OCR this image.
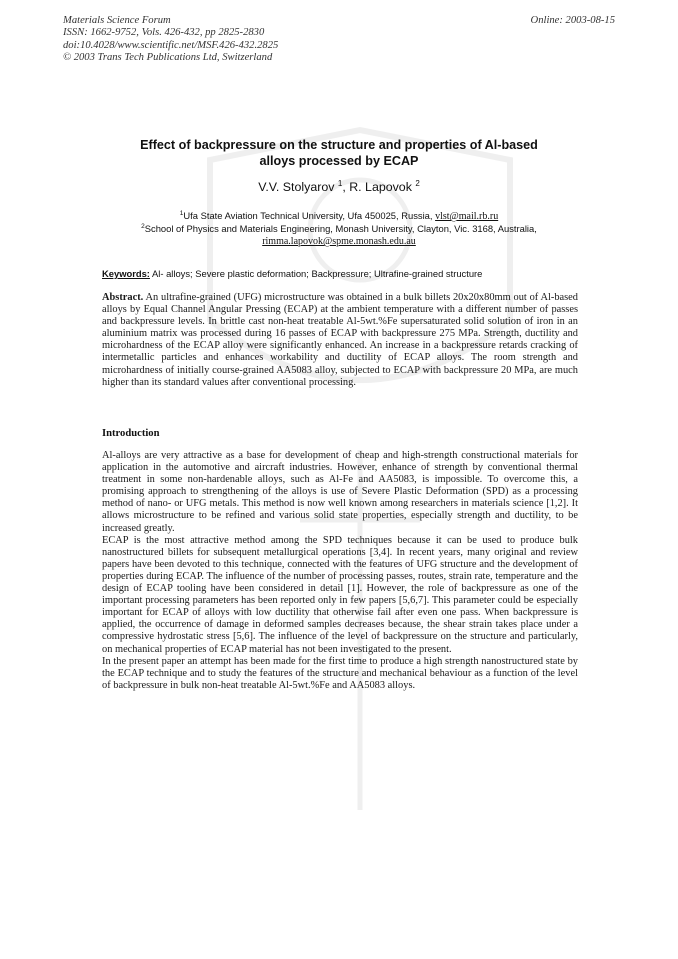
Materials Science Forum
ISSN: 1662-9752, Vols. 426-432, pp 2825-2830
doi:10.4028/www.scientific.net/MSF.426-432.2825
© 2003 Trans Tech Publications Ltd, Switzerland
Online: 2003-08-15
Effect of backpressure on the structure and properties of Al-based
alloys processed by ECAP
V.V. Stolyarov $^1$, R. Lapovok $^2$
$^1$Ufa State Aviation Technical University, Ufa 450025, Russia, vlst@mail.rb.ru
$^2$School of Physics and Materials Engineering, Monash University, Clayton, Vic. 3168, Australia,
rimma.lapovok@spme.monash.edu.au
Keywords: Al- alloys; Severe plastic deformation; Backpressure; Ultrafine-grained structure
Abstract. An ultrafine-grained (UFG) microstructure was obtained in a bulk billets 20x20x80mm out of Al-based alloys by Equal Channel Angular Pressing (ECAP) at the ambient temperature with a different number of passes and backpressure levels. In brittle cast non-heat treatable Al-5wt.%Fe supersaturated solid solution of iron in an aluminium matrix was processed during 16 passes of ECAP with backpressure 275 MPa. Strength, ductility and microhardness of the ECAP alloy were significantly enhanced. An increase in a backpressure retards cracking of intermetallic particles and enhances workability and ductility of ECAP alloys. The room strength and microhardness of initially course-grained AA5083 alloy, subjected to ECAP with backpressure 20 MPa, are much higher than its standard values after conventional processing.
Introduction

Al-alloys are very attractive as a base for development of cheap and high-strength constructional materials for application in the automotive and aircraft industries. However, enhance of strength by conventional thermal treatment in some non-hardenable alloys, such as Al-Fe and AA5083, is impossible. To overcome this, a promising approach to strengthening of the alloys is use of Severe Plastic Deformation (SPD) as a processing method of nano- or UFG metals. This method is now well known among researchers in materials science [1,2]. It allows microstructure to be refined and various solid state properties, especially strength and ductility, to be increased greatly.

ECAP is the most attractive method among the SPD techniques because it can be used to produce bulk nanostructured billets for subsequent metallurgical operations [3,4]. In recent years, many original and review papers have been devoted to this technique, connected with the features of UFG structure and the development of properties during ECAP. The influence of the number of processing passes, routes, strain rate, temperature and the design of ECAP tooling have been considered in detail [1]. However, the role of backpressure as one of the important processing parameters has been reported only in few papers [5,6,7]. This parameter could be especially important for ECAP of alloys with low ductility that otherwise fail after even one pass. When backpressure is applied, the occurrence of damage in deformed samples decreases because, the shear strain takes place under a compressive hydrostatic stress [5,6]. The influence of the level of backpressure on the structure and particularly, on mechanical properties of ECAP material has not been investigated to the present.

In the present paper an attempt has been made for the first time to produce a high strength nanostructured state by the ECAP technique and to study the features of the structure and mechanical behaviour as a function of the level of backpressure in bulk non-heat treatable Al-5wt.%Fe and AA5083 alloys.
